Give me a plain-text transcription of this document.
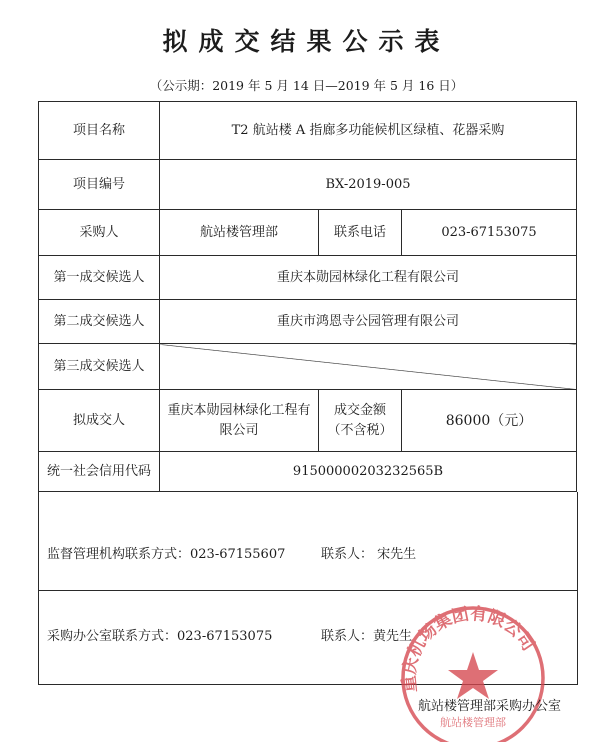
拟成交结果公示表
（公示期：2019 年 5 月 14 日—2019 年 5 月 16 日）
项目名称	T2 航站楼 A 指廊多功能候机区绿植、花器采购		
项目编号	BX-2019-005		
采购人	航站楼管理部	联系电话	023-67153075
第一成交候选人	重庆本勋园林绿化工程有限公司		
第二成交候选人	重庆市鸿恩寺公园管理有限公司		
第三成交候选人			
拟成交人	重庆本勋园林绿化工程有限公司	成交金额（不含税）	86000（元）
统一社会信用代码	91500000203232565B		
监督管理机构联系方式：023-67155607	联系人： 宋先生
采购办公室联系方式：023-67153075	联系人：黄先生
重庆机场集团有限公司
航站楼管理部
航站楼管理部采购办公室
